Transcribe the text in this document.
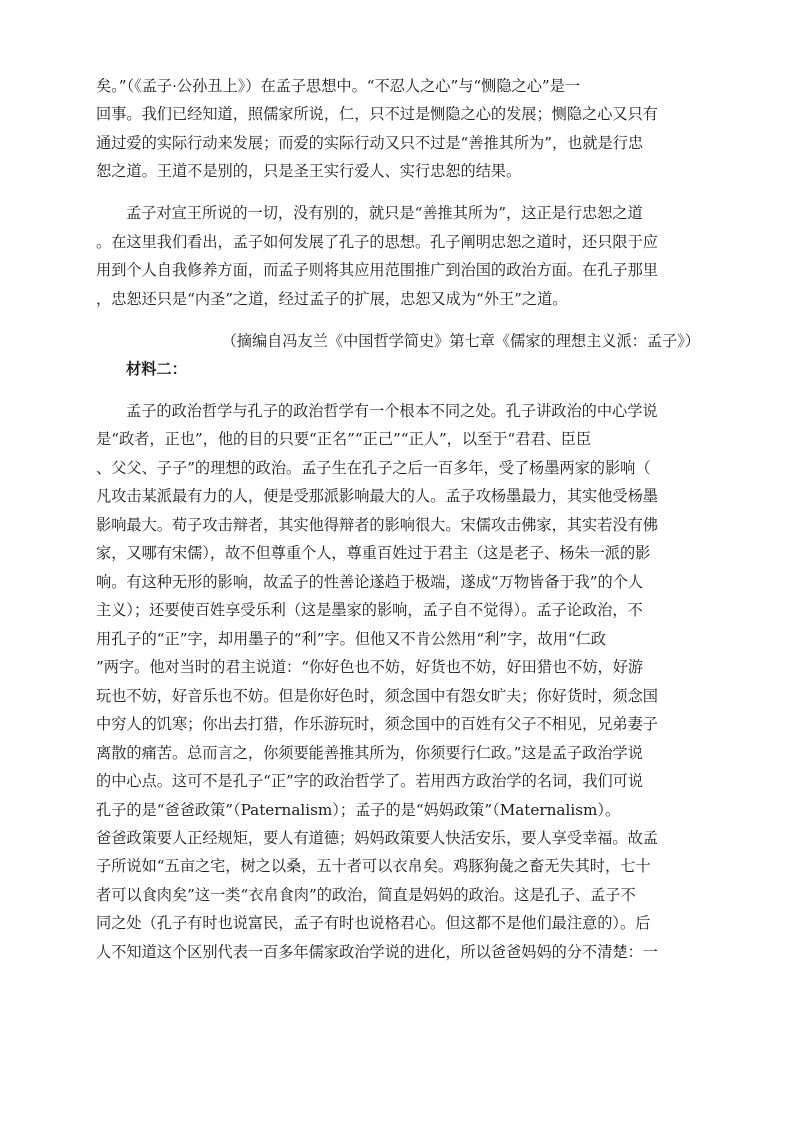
矣。”（《孟子·公孙丑上》）在孟子思想中。“不忍人之心”与“恻隐之心”是一
回事。我们已经知道，照儒家所说，仁，只不过是恻隐之心的发展；恻隐之心又只有
通过爱的实际行动来发展；而爱的实际行动又只不过是“善推其所为”，也就是行忠
恕之道。王道不是别的，只是圣王实行爱人、实行忠恕的结果。
孟子对宣王所说的一切，没有别的，就只是“善推其所为”，这正是行忠恕之道
。在这里我们看出，孟子如何发展了孔子的思想。孔子阐明忠恕之道时，还只限于应
用到个人自我修养方面，而孟子则将其应用范围推广到治国的政治方面。在孔子那里
，忠恕还只是“内圣”之道，经过孟子的扩展，忠恕又成为“外王”之道。
（摘编自冯友兰《中国哲学简史》第七章《儒家的理想主义派：孟子》）
材料二：
孟子的政治哲学与孔子的政治哲学有一个根本不同之处。孔子讲政治的中心学说
是“政者，正也”，他的目的只要“正名”“正己”“正人”，以至于“君君、臣臣
、父父、子子”的理想的政治。孟子生在孔子之后一百多年，受了杨墨两家的影响（
凡攻击某派最有力的人，便是受那派影响最大的人。孟子攻杨墨最力，其实他受杨墨
影响最大。荀子攻击辩者，其实他得辩者的影响很大。宋儒攻击佛家，其实若没有佛
家，又哪有宋儒），故不但尊重个人，尊重百姓过于君主（这是老子、杨朱一派的影
响。有这种无形的影响，故孟子的性善论遂趋于极端，遂成“万物皆备于我”的个人
主义）；还要使百姓享受乐利（这是墨家的影响，孟子自不觉得）。孟子论政治，不
用孔子的“正”字，却用墨子的“利”字。但他又不肯公然用“利”字，故用“仁政
”两字。他对当时的君主说道：“你好色也不妨，好货也不妨，好田猎也不妨，好游
玩也不妨，好音乐也不妨。但是你好色时，须念国中有怨女旷夫；你好货时，须念国
中穷人的饥寒；你出去打猎，作乐游玩时，须念国中的百姓有父子不相见，兄弟妻子
离散的痛苦。总而言之，你须要能善推其所为，你须要行仁政。”这是孟子政治学说
的中心点。这可不是孔子“正”字的政治哲学了。若用西方政治学的名词，我们可说
孔子的是“爸爸政策”（Paternalism）；孟子的是“妈妈政策”（Maternalism）。
爸爸政策要人正经规矩，要人有道德；妈妈政策要人快活安乐，要人享受幸福。故孟
子所说如“五亩之宅，树之以桑，五十者可以衣帛矣。鸡豚狗彘之畜无失其时，七十
者可以食肉矣”这一类“衣帛食肉”的政治，简直是妈妈的政治。这是孔子、孟子不
同之处（孔子有时也说富民，孟子有时也说格君心。但这都不是他们最注意的）。后
人不知道这个区别代表一百多年儒家政治学说的进化，所以爸爸妈妈的分不清楚：一
